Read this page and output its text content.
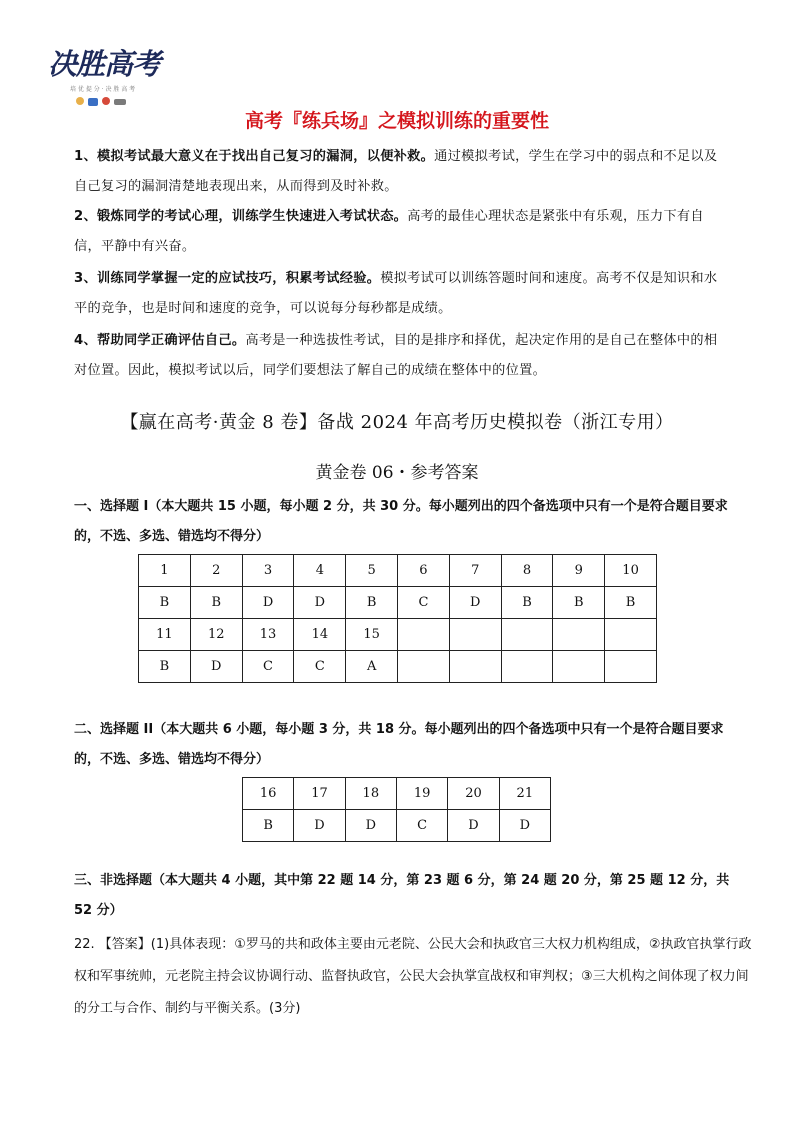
决胜高考
培 优 提 分 · 决 胜 高 考
高考『练兵场』之模拟训练的重要性
1、模拟考试最大意义在于找出自己复习的漏洞，以便补救。通过模拟考试，学生在学习中的弱点和不足以及自己复习的漏洞清楚地表现出来，从而得到及时补救。
2、锻炼同学的考试心理，训练学生快速进入考试状态。高考的最佳心理状态是紧张中有乐观，压力下有自信，平静中有兴奋。
3、训练同学掌握一定的应试技巧，积累考试经验。模拟考试可以训练答题时间和速度。高考不仅是知识和水平的竞争，也是时间和速度的竞争，可以说每分每秒都是成绩。
4、帮助同学正确评估自己。高考是一种选拔性考试，目的是排序和择优，起决定作用的是自己在整体中的相对位置。因此，模拟考试以后，同学们要想法了解自己的成绩在整体中的位置。
【赢在高考·黄金 8 卷】备战 2024 年高考历史模拟卷（浙江专用）
黄金卷 06・参考答案
一、选择题 I（本大题共 15 小题，每小题 2 分，共 30 分。每小题列出的四个备选项中只有一个是符合题目要求的，不选、多选、错选均不得分）
1	2	3	4	5	6	7	8	9	10
B	B	D	D	B	C	D	B	B	B
11	12	13	14	15					
B	D	C	C	A					
二、选择题 II（本大题共 6 小题，每小题 3 分，共 18 分。每小题列出的四个备选项中只有一个是符合题目要求的，不选、多选、错选均不得分）
16	17	18	19	20	21
B	D	D	C	D	D
三、非选择题（本大题共 4 小题，其中第 22 题 14 分，第 23 题 6 分，第 24 题 20 分，第 25 题 12 分，共 52 分）
22. 【答案】(1)具体表现：①罗马的共和政体主要由元老院、公民大会和执政官三大权力机构组成，②执政官执掌行政权和军事统帅，元老院主持会议协调行动、监督执政官，公民大会执掌宣战权和审判权；③三大机构之间体现了权力间的分工与合作、制约与平衡关系。(3分)
